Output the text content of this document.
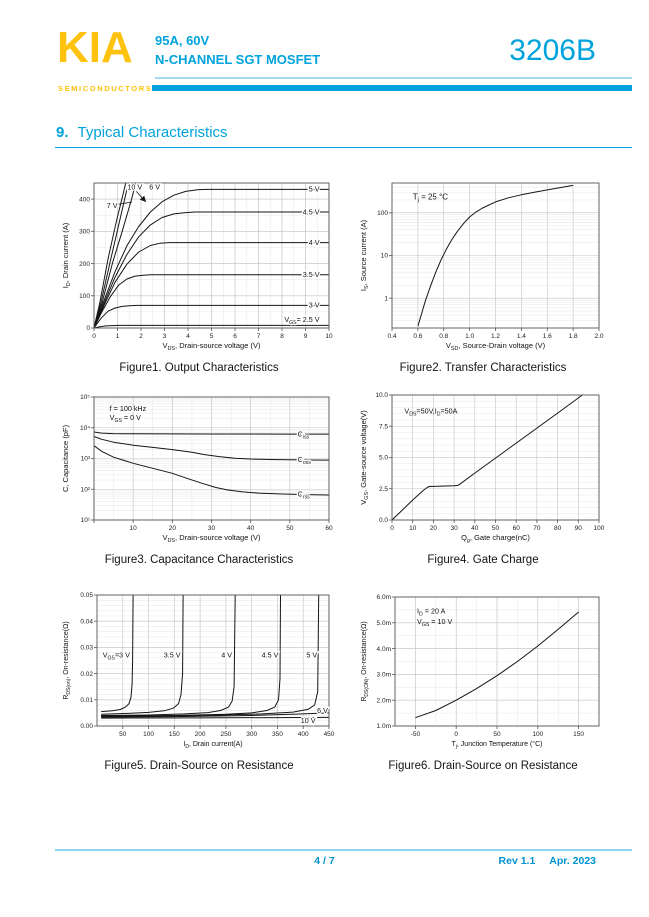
KIA
SEMICONDUCTORS
95A, 60V
N-CHANNEL SGT MOSFET	3206B
9. Typical Characteristics
0	1	2	3	4	5	6	7	8	9	10
0
100
200
300
400
$V_{DS}$, Drain-source voltage (V)
$I_D$, Drain current (A)
5 V
4.5 V
4 V
3.5 V
3 V
$V_{GS}= 2.5$ V
10 V 6 V
7 V
Figure1. Output Characteristics
0.4	0.6	0.8	1.0	1.2	1.4	1.6	1.8	2.0
1
10
100
$V_{SD}$, Source-Drain voltage (V)
$I_S$, Source current (A)
$T_j = 25$ °C
Figure2. Transfer Characteristics
10	20	30	40	50	60
10¹
10²
10³
10⁴
10⁵
$V_{DS}$, Drain-source voltage (V)
C, Capacitance (pF)	$C_{iss}$
$C_{oss}$
$C_{rss}$
f = 100 kHz
$V_{GS} = 0$ V
Figure3. Capacitance Characteristics
0 10 20 30 40 50 60 70 80 90 100
0.0
2.5
5.0
7.5
10.0
$Q_g$, Gate charge(nC)
$V_{GS}$, Gate-source voltage(V)	$V_{DS}=50V,I_D=50A$
Figure4. Gate Charge
50	100 150 200 250 300 350 400 450
0.00
0.01
0.02
0.03
0.04
0.05
$I_D$, Drain current(A)
$R_{DS(on)}$, On-resistance(Ω)	$V_{GS}=3$ V	3.5 V	4 V	4.5 V	5 V
6 V
10 V
Figure5. Drain-Source on Resistance
-50	0	50	100	150
1.0m
2.0m
3.0m
4.0m
5.0m
6.0m
$T_j$, Junction Temperature (°C)
$R_{DS(ON)}$, On-resistance(Ω)
$I_D = 20$ A
$V_{GS} = 10$ V
Figure6. Drain-Source on Resistance
4 / 7	Rev 1.1 Apr. 2023
